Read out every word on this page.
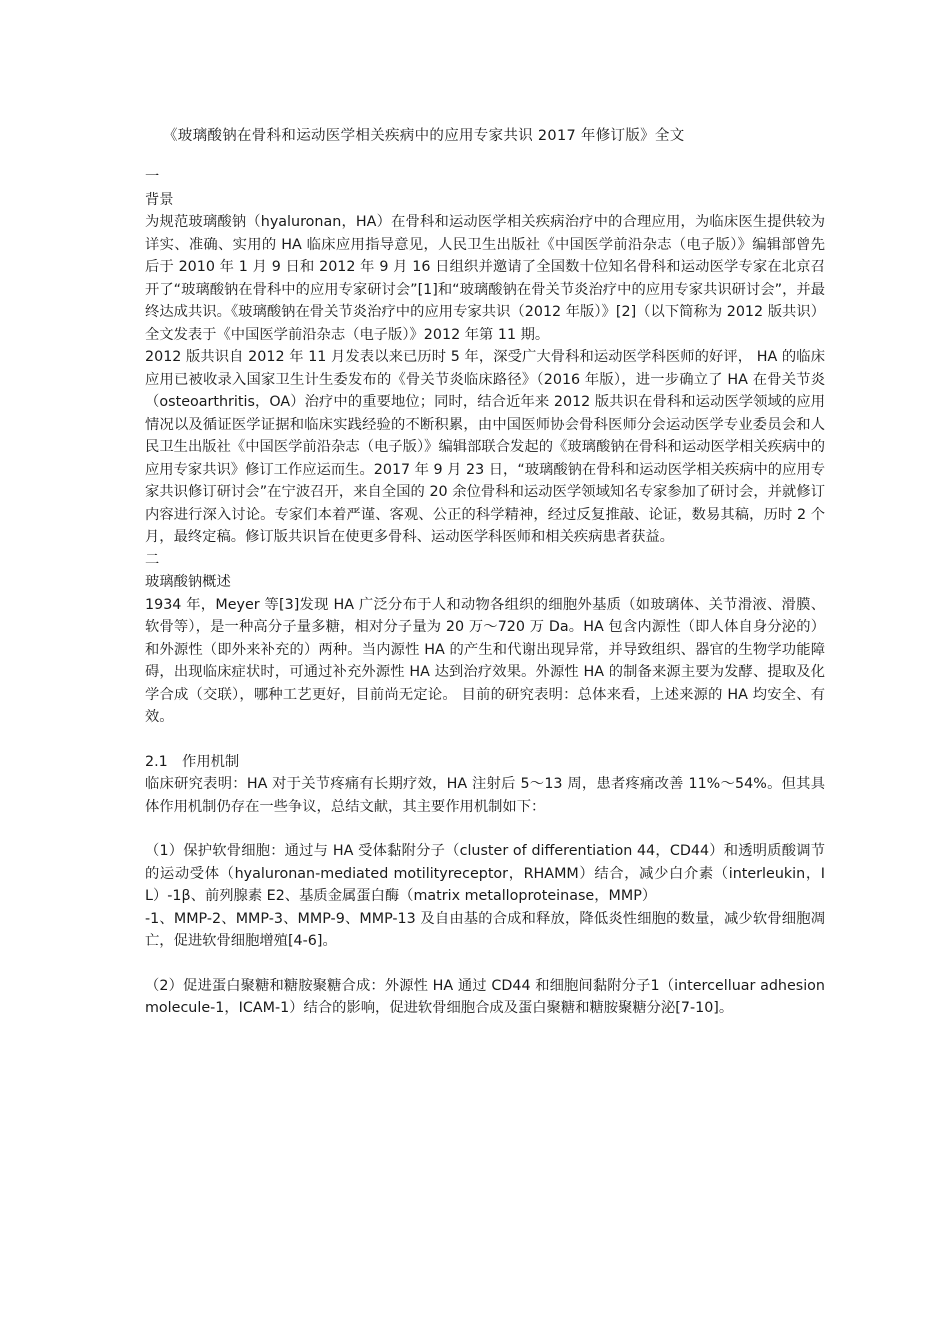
《玻璃酸钠在骨科和运动医学相关疾病中的应用专家共识 2017 年修订版》全文

一

背景

为规范玻璃酸钠（hyaluronan，HA）在骨科和运动医学相关疾病治疗中的合理应用，为临床医生提供较为详实、准确、实用的 HA 临床应用指导意见，人民卫生出版社《中国医学前沿杂志（电子版）》编辑部曾先后于 2010 年 1 月 9 日和 2012 年 9 月 16 日组织并邀请了全国数十位知名骨科和运动医学专家在北京召开了“玻璃酸钠在骨科中的应用专家研讨会”[1]和“玻璃酸钠在骨关节炎治疗中的应用专家共识研讨会”，并最终达成共识。《玻璃酸钠在骨关节炎治疗中的应用专家共识（2012 年版）》[2]（以下简称为 2012 版共识）全文发表于《中国医学前沿杂志（电子版）》2012 年第 11 期。

2012 版共识自 2012 年 11 月发表以来已历时 5 年，深受广大骨科和运动医学科医师的好评， HA 的临床应用已被收录入国家卫生计生委发布的《骨关节炎临床路径》（2016 年版），进一步确立了 HA 在骨关节炎（osteoarthritis，OA）治疗中的重要地位；同时，结合近年来 2012 版共识在骨科和运动医学领域的应用情况以及循证医学证据和临床实践经验的不断积累，由中国医师协会骨科医师分会运动医学专业委员会和人民卫生出版社《中国医学前沿杂志（电子版）》编辑部联合发起的《玻璃酸钠在骨科和运动医学相关疾病中的应用专家共识》修订工作应运而生。2017 年 9 月 23 日，“玻璃酸钠在骨科和运动医学相关疾病中的应用专家共识修订研讨会”在宁波召开，来自全国的 20 余位骨科和运动医学领域知名专家参加了研讨会，并就修订内容进行深入讨论。专家们本着严谨、客观、公正的科学精神，经过反复推敲、论证，数易其稿，历时 2 个月，最终定稿。修订版共识旨在使更多骨科、运动医学科医师和相关疾病患者获益。

二

玻璃酸钠概述

1934 年，Meyer 等[3]发现 HA 广泛分布于人和动物各组织的细胞外基质（如玻璃体、关节滑液、滑膜、软骨等），是一种高分子量多糖，相对分子量为 20 万～720 万 Da。HA 包含内源性（即人体自身分泌的）和外源性（即外来补充的）两种。当内源性 HA 的产生和代谢出现异常，并导致组织、器官的生物学功能障碍，出现临床症状时，可通过补充外源性 HA 达到治疗效果。外源性 HA 的制备来源主要为发酵、提取及化学合成（交联），哪种工艺更好，目前尚无定论。 目前的研究表明：总体来看，上述来源的 HA 均安全、有效。

2.1　作用机制

临床研究表明：HA 对于关节疼痛有长期疗效，HA 注射后 5～13 周，患者疼痛改善 11%～54%。但其具体作用机制仍存在一些争议，总结文献，其主要作用机制如下：

（1）保护软骨细胞：通过与 HA 受体黏附分子（cluster of differentiation 44，CD44）和透明质酸调节的运动受体（hyaluronan-mediated motilityreceptor，RHAMM）结合，减少白介素（interleukin，IL）-1β、前列腺素 E2、基质金属蛋白酶（matrix metalloproteinase，MMP）

-1、MMP-2、MMP-3、MMP-9、MMP-13 及自由基的合成和释放，降低炎性细胞的数量，减少软骨细胞凋亡，促进软骨细胞增殖[4-6]。

（2）促进蛋白聚糖和糖胺聚糖合成：外源性 HA 通过 CD44 和细胞间黏附分子1（intercelluar adhesion molecule-1，ICAM-1）结合的影响，促进软骨细胞合成及蛋白聚糖和糖胺聚糖分泌[7-10]。
